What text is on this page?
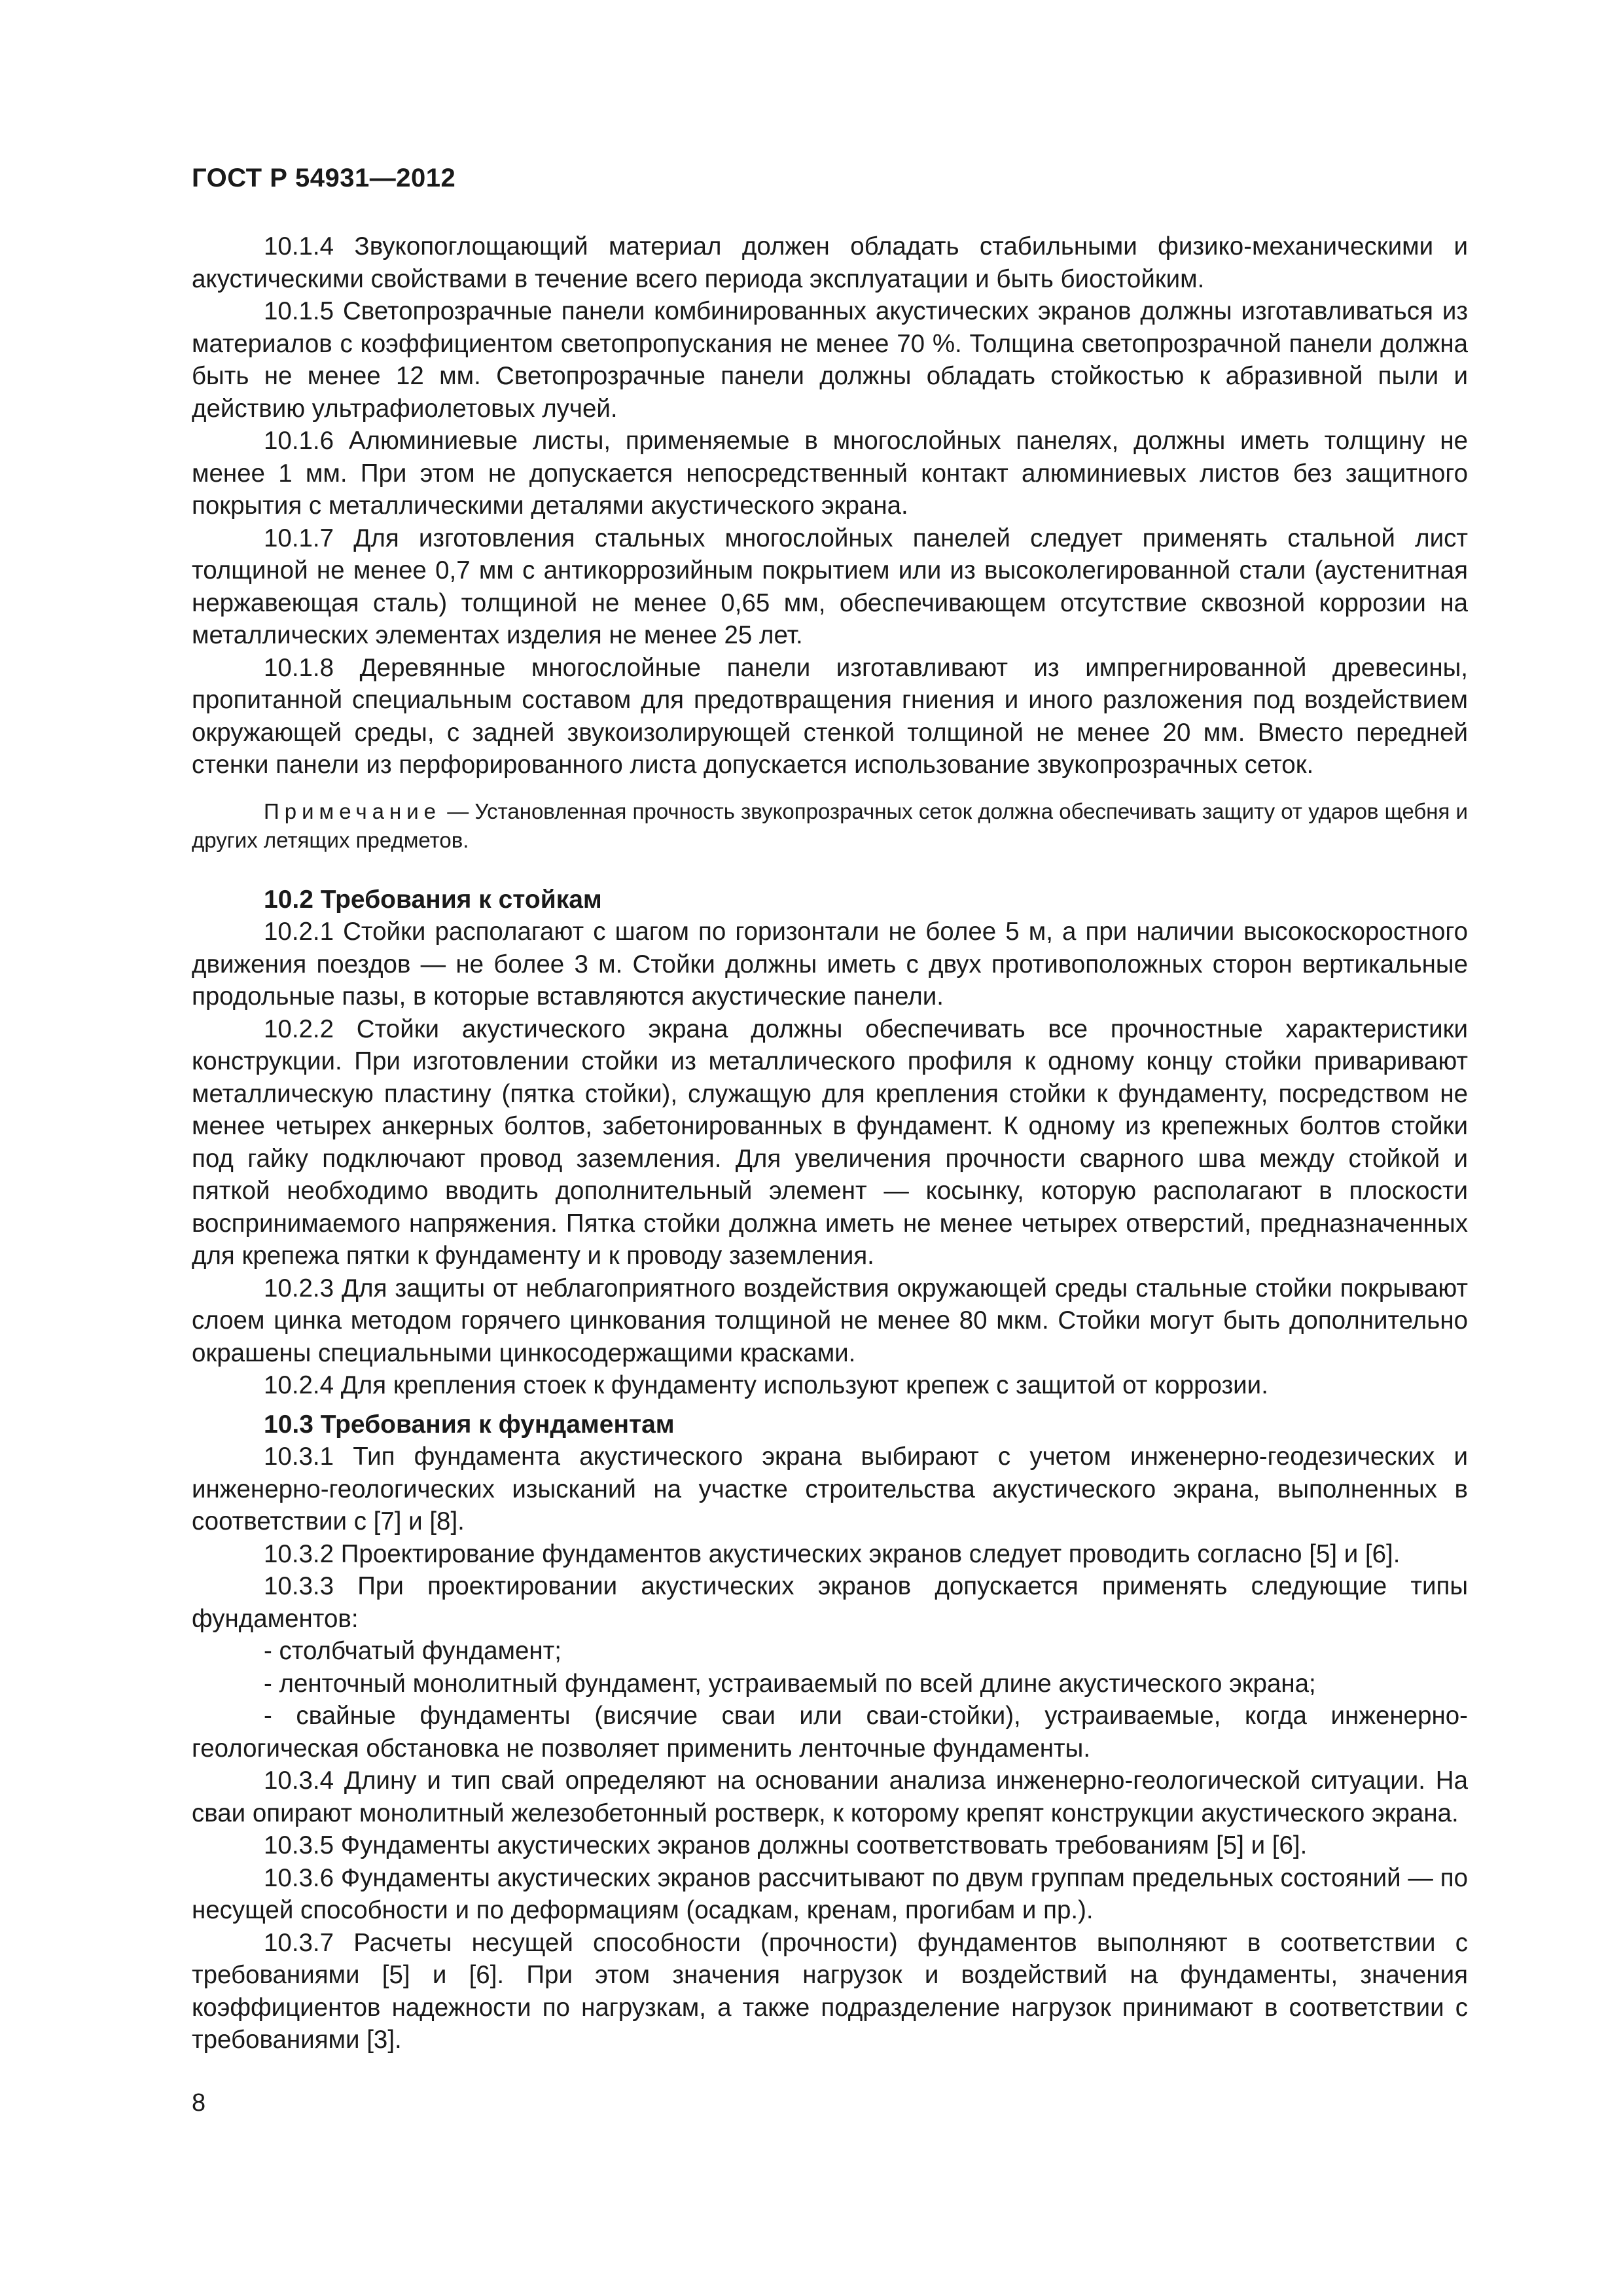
ГОСТ Р 54931—2012

10.1.4 Звукопоглощающий материал должен обладать стабильными физико-механическими и акустическими свойствами в течение всего периода эксплуатации и быть биостойким.

10.1.5 Светопрозрачные панели комбинированных акустических экранов должны изготавливаться из материалов с коэффициентом светопропускания не менее 70 %. Толщина светопрозрачной панели должна быть не менее 12 мм. Светопрозрачные панели должны обладать стойкостью к абразивной пыли и действию ультрафиолетовых лучей.

10.1.6 Алюминиевые листы, применяемые в многослойных панелях, должны иметь толщину не менее 1 мм. При этом не допускается непосредственный контакт алюминиевых листов без защитного покрытия с металлическими деталями акустического экрана.

10.1.7 Для изготовления стальных многослойных панелей следует применять стальной лист толщиной не менее 0,7 мм с антикоррозийным покрытием или из высоколегированной стали (аустенитная нержавеющая сталь) толщиной не менее 0,65 мм, обеспечивающем отсутствие сквозной коррозии на металлических элементах изделия не менее 25 лет.

10.1.8 Деревянные многослойные панели изготавливают из импрегнированной древесины, пропитанной специальным составом для предотвращения гниения и иного разложения под воздействием окружающей среды, с задней звукоизолирующей стенкой толщиной не менее 20 мм. Вместо передней стенки панели из перфорированного листа допускается использование звукопрозрачных сеток.

Примечание — Установленная прочность звукопрозрачных сеток должна обеспечивать защиту от ударов щебня и других летящих предметов.

10.2 Требования к стойкам

10.2.1 Стойки располагают с шагом по горизонтали не более 5 м, а при наличии высокоскоростного движения поездов — не более 3 м. Стойки должны иметь с двух противоположных сторон вертикальные продольные пазы, в которые вставляются акустические панели.

10.2.2 Стойки акустического экрана должны обеспечивать все прочностные характеристики конструкции. При изготовлении стойки из металлического профиля к одному концу стойки приваривают металлическую пластину (пятка стойки), служащую для крепления стойки к фундаменту, посредством не менее четырех анкерных болтов, забетонированных в фундамент. К одному из крепежных болтов стойки под гайку подключают провод заземления. Для увеличения прочности сварного шва между стойкой и пяткой необходимо вводить дополнительный элемент — косынку, которую располагают в плоскости воспринимаемого напряжения. Пятка стойки должна иметь не менее четырех отверстий, предназначенных для крепежа пятки к фундаменту и к проводу заземления.

10.2.3 Для защиты от неблагоприятного воздействия окружающей среды стальные стойки покрывают слоем цинка методом горячего цинкования толщиной не менее 80 мкм. Стойки могут быть дополнительно окрашены специальными цинкосодержащими красками.

10.2.4 Для крепления стоек к фундаменту используют крепеж с защитой от коррозии.

10.3 Требования к фундаментам

10.3.1 Тип фундамента акустического экрана выбирают с учетом инженерно-геодезических и инженерно-геологических изысканий на участке строительства акустического экрана, выполненных в соответствии с [7] и [8].

10.3.2 Проектирование фундаментов акустических экранов следует проводить согласно [5] и [6].

10.3.3 При проектировании акустических экранов допускается применять следующие типы фундаментов:

- столбчатый фундамент;

- ленточный монолитный фундамент, устраиваемый по всей длине акустического экрана;

- свайные фундаменты (висячие сваи или сваи-стойки), устраиваемые, когда инженерно-геологическая обстановка не позволяет применить ленточные фундаменты.

10.3.4 Длину и тип свай определяют на основании анализа инженерно-геологической ситуации. На сваи опирают монолитный железобетонный ростверк, к которому крепят конструкции акустического экрана.

10.3.5 Фундаменты акустических экранов должны соответствовать требованиям [5] и [6].

10.3.6 Фундаменты акустических экранов рассчитывают по двум группам предельных состояний — по несущей способности и по деформациям (осадкам, кренам, прогибам и пр.).

10.3.7 Расчеты несущей способности (прочности) фундаментов выполняют в соответствии с требованиями [5] и [6]. При этом значения нагрузок и воздействий на фундаменты, значения коэффициентов надежности по нагрузкам, а также подразделение нагрузок принимают в соответствии с требованиями [3].

8
